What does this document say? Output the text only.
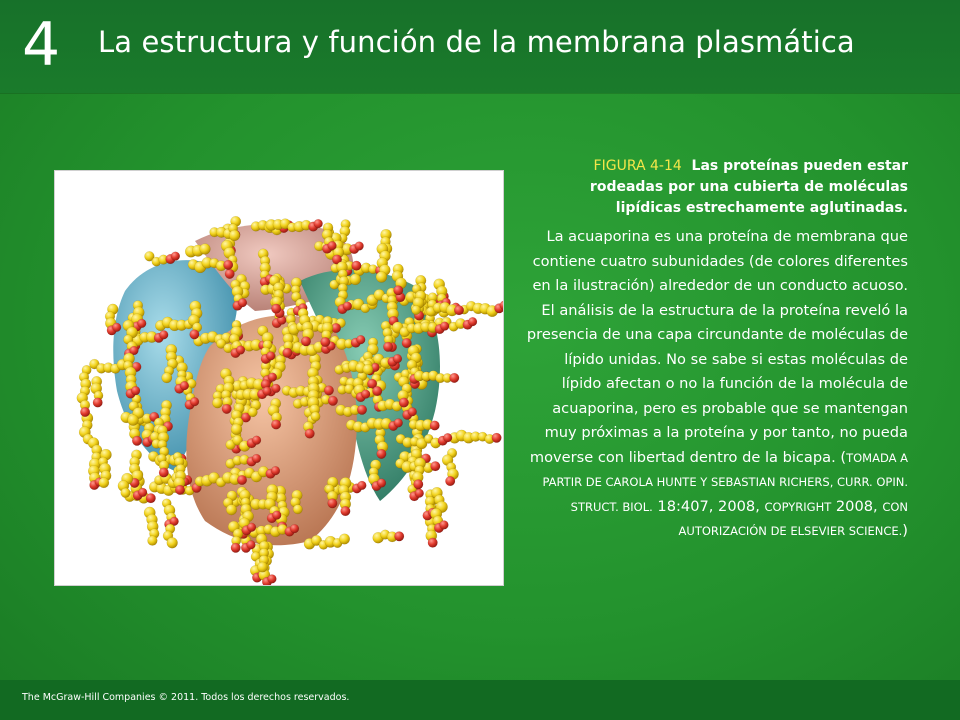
4 La estructura y función de la membrana plasmática

FIGURA 4-14 Las proteínas pueden estar rodeadas por una cubierta de moléculas lipídicas estrechamente aglutinadas.

La acuaporina es una proteína de membrana que contiene cuatro subunidades (de colores diferentes en la ilustración) alrededor de un conducto acuoso. El análisis de la estructura de la proteína reveló la presencia de una capa circundante de moléculas de lípido unidas. No se sabe si estas moléculas de lípido afectan o no la función de la molécula de acuaporina, pero es probable que se mantengan muy próximas a la proteína y por tanto, no pueda moverse con libertad dentro de la bicapa. (TOMADA A PARTIR DE CAROLA HUNTE Y SEBASTIAN RICHERS, CURR. OPIN. STRUCT. BIOL. 18:407, 2008, COPYRIGHT 2008, CON AUTORIZACIÓN DE ELSEVIER SCIENCE.)

The McGraw-Hill Companies © 2011. Todos los derechos reservados.
